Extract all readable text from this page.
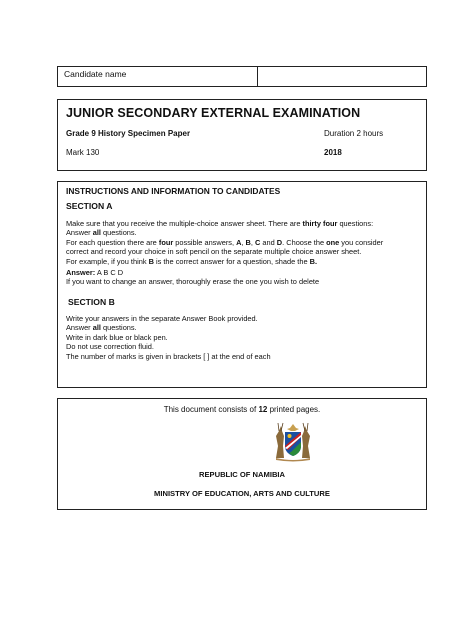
Candidate name
JUNIOR SECONDARY EXTERNAL EXAMINATION
Grade 9 History Specimen Paper	Duration 2 hours
Mark 130	2018
INSTRUCTIONS AND INFORMATION TO CANDIDATES
SECTION A
Make sure that you receive the multiple-choice answer sheet. There are thirty four questions:
Answer all questions.
For each question there are four possible answers, A, B, C and D. Choose the one you consider
correct and record your choice in soft pencil on the separate multiple choice answer sheet.
For example, if you think B is the correct answer for a question, shade the B.
Answer: A B C D
If you want to change an answer, thoroughly erase the one you wish to delete
SECTION B
Write your answers in the separate Answer Book provided.
Answer all questions.
Write in dark blue or black pen.
Do not use correction fluid.
The number of marks is given in brackets [ ] at the end of each
This document consists of 12 printed pages.
REPUBLIC OF NAMIBIA
MINISTRY OF EDUCATION, ARTS AND CULTURE
